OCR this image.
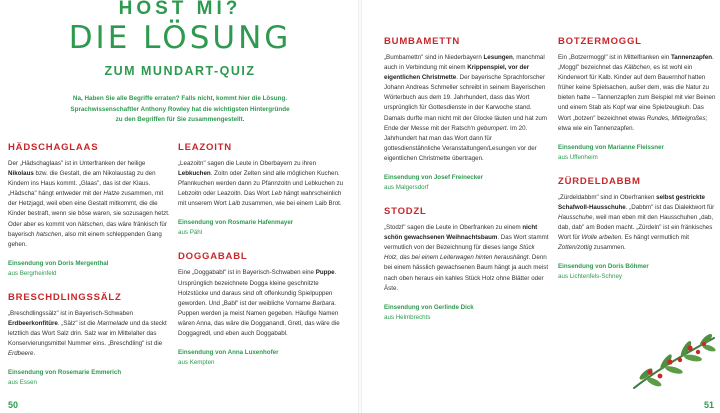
HOST MI?
DIE LÖSUNG
ZUM MUNDART-QUIZ
Na, Haben Sie alle Begriffe erraten? Falls nicht, kommt hier die Lösung.
Sprachwissenschaftler Anthony Rowley hat die wichtigsten Hintergründe
zu den Begriffen für Sie zusammengestellt.
HÄDSCHAGLAAS

Der „Hädschaglaas" ist in Unterfranken der heilige Nikolaus bzw. die Gestalt, die am Nikolaustag zu den Kindern ins Haus kommt. „Glaas", das ist der Klaus. „Hädscha" hängt entweder mit der Hatze zusammen, mit der Hetzjagd, weil eben eine Gestalt mitkommt, die die Kinder bestraft, wenn sie böse waren, sie sozusagen hetzt. Oder aber es kommt von hätschen, das wäre fränkisch für bayerisch hatschen, also mit einem schleppenden Gang gehen.

Einsendung von Doris Mergenthal
aus Bergrheinfeld
BRESCHDLINGSSÄLZ

„Breschdlingssälz" ist in Bayerisch-Schwaben Erdbeerkonfitüre. „Sälz" ist die Marmelade und da steckt letztlich das Wort Salz drin. Salz war im Mittelalter das Konservierungsmittel Nummer eins. „Breschdling" ist die Erdbeere.

Einsendung von Rosemarie Emmerich
aus Essen
LEAZOITN

„Leazoitn" sagen die Leute in Oberbayern zu ihren Lebkuchen. Zoitn oder Zelten sind alle möglichen Kuchen. Pfannkuchen werden dann zu Pfannzoitn und Lebkuchen zu Lebzoitn oder Leazoitn. Das Wort Leb hängt wahrscheinlich mit unserem Wort Laib zusammen, wie bei einem Laib Brot.

Einsendung von Rosmarie Hafenmayer
aus Pähl
DOGGABABL

Eine „Doggababl" ist in Bayerisch-Schwaben eine Puppe. Ursprünglich bezeichnete Dogga kleine geschnitzte Holzstücke und daraus sind oft offenkundig Spielpuppen geworden. Und „Babl" ist der weibliche Vorname Barbara. Puppen werden ja meist Namen gegeben. Häufige Namen wären Anna, das wäre die Dogganandl, Gretl, das wäre die Doggagredl, und eben auch Doggababl.

Einsendung von Anna Luxenhofer
aus Kempten
50
BUMBAMETTN

„Bumbamettn" sind in Niederbayern Lesungen, manchmal auch in Verbindung mit einem Krippenspiel, vor der eigentlichen Christmette. Der bayerische Sprachforscher Johann Andreas Schmeller schreibt in seinem Bayerischen Wörterbuch aus dem 19. Jahrhundert, dass das Wort ursprünglich für Gottesdienste in der Karwoche stand. Damals durfte man nicht mit der Glocke läuten und hat zum Ende der Messe mit der Ratsch'n gebumpert. Im 20. Jahrhundert hat man das Wort dann für gottesdienstähnliche Veranstaltungen/Lesungen vor der eigentlichen Christmette übertragen.

Einsendung von Josef Freinecker
aus Malgersdorf
STODZL

„Stodzl" sagen die Leute in Oberfranken zu einem nicht schön gewachsenen Weihnachtsbaum. Das Wort stammt vermutlich von der Bezeichnung für dieses lange Stück Holz, das bei einem Leiterwagen hinten heraushängt. Denn bei einem hässlich gewachsenen Baum hängt ja auch meist nach oben heraus ein kahles Stück Holz ohne Blätter oder Äste.

Einsendung von Gerlinde Dick
aus Helmbrechts
BOTZERMOGGL

Ein „Botzermoggl" ist in Mittelfranken ein Tannenzapfen. „Moggl" bezeichnet das Kälbchen, es ist wohl ein Kinderwort für Kalb. Kinder auf dem Bauernhof hatten früher keine Spielsachen, außer dem, was die Natur zu bieten hatte – Tannenzapfen zum Beispiel mit vier Beinen und einem Stab als Kopf war eine Spielzeugkuh. Das Wort „botzen" bezeichnet etwas Rundes, Mittelgroßes; etwa wie ein Tannenzapfen.

Einsendung von Marianne Fleissner
aus Uffenheim
ZÜRDELDABBM

„Zürdeldabbm" sind in Oberfranken selbst gestrickte Schafwoll-Hausschuhe. „Dabbm" ist das Dialektwort für Hausschuhe, weil man eben mit den Hausschuhen „dab, dab, dab" am Boden macht. „Zürdeln" ist ein fränkisches Wort für Wolle arbeiten. Es hängt vermutlich mit Zotten/zottig zusammen.

Einsendung von Doris Böhmer
aus Lichtenfels-Schney
51
